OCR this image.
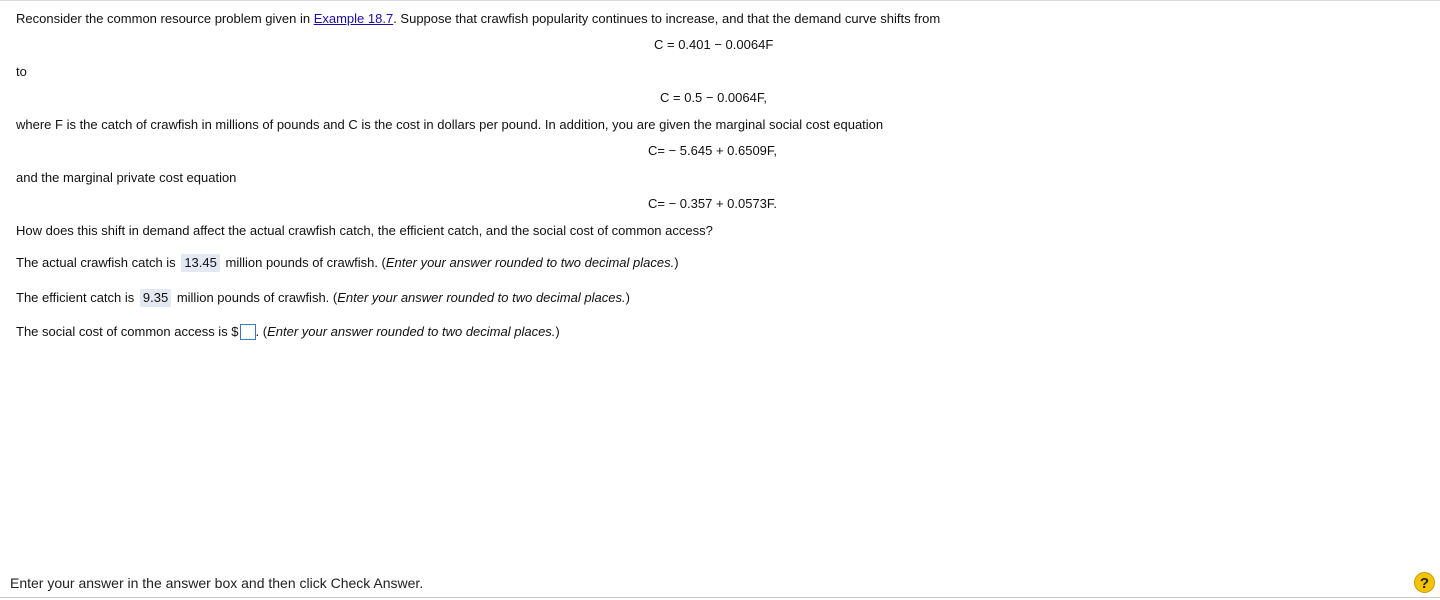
Reconsider the common resource problem given in Example 18.7. Suppose that crawfish popularity continues to increase, and that the demand curve shifts from
C = 0.401 − 0.0064F
to
C = 0.5 − 0.0064F,
where F is the catch of crawfish in millions of pounds and C is the cost in dollars per pound. In addition, you are given the marginal social cost equation
C= − 5.645 + 0.6509F,
and the marginal private cost equation
C= − 0.357 + 0.0573F.
How does this shift in demand affect the actual crawfish catch, the efficient catch, and the social cost of common access?
The actual crawfish catch is 13.45 million pounds of crawfish. (Enter your answer rounded to two decimal places.)
The efficient catch is 9.35 million pounds of crawfish. (Enter your answer rounded to two decimal places.)
The social cost of common access is $ . (Enter your answer rounded to two decimal places.)
Enter your answer in the answer box and then click Check Answer.	?
